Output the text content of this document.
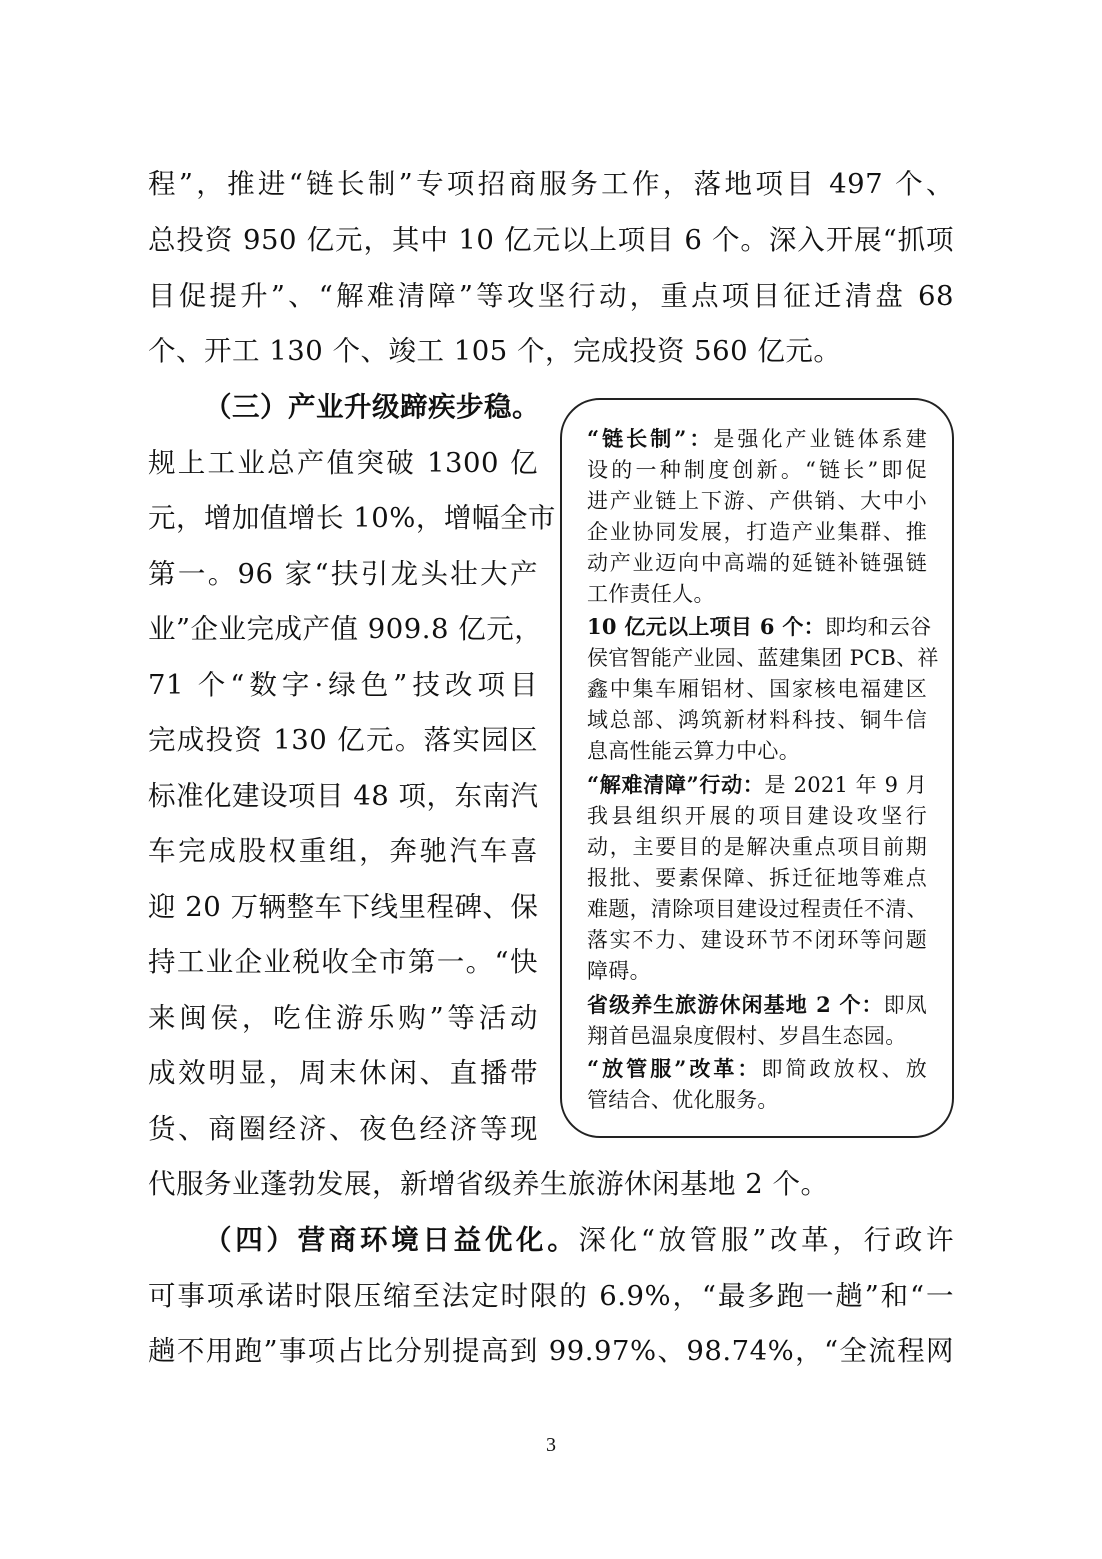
程”，推进“链长制”专项招商服务工作，落地项目 497 个、
总投资 950 亿元，其中 10 亿元以上项目 6 个。深入开展“抓项
目促提升”、“解难清障”等攻坚行动，重点项目征迁清盘 68
个、开工 130 个、竣工 105 个，完成投资 560 亿元。
（三）产业升级蹄疾步稳。
规上工业总产值突破 1300 亿
元，增加值增长 10%，增幅全市
第一。96 家“扶引龙头壮大产
业”企业完成产值 909.8 亿元，
71 个“数字·绿色”技改项目
完成投资 130 亿元。落实园区
标准化建设项目 48 项，东南汽
车完成股权重组，奔驰汽车喜
迎 20 万辆整车下线里程碑、保
持工业企业税收全市第一。“快
来闽侯，吃住游乐购”等活动
成效明显，周末休闲、直播带
货、商圈经济、夜色经济等现
代服务业蓬勃发展，新增省级养生旅游休闲基地 2 个。
“链长制”：是强化产业链体系建
设的一种制度创新。“链长”即促
进产业链上下游、产供销、大中小
企业协同发展，打造产业集群、推
动产业迈向中高端的延链补链强链
工作责任人。
10 亿元以上项目 6 个：即均和云谷
侯官智能产业园、蓝建集团 PCB、祥
鑫中集车厢铝材、国家核电福建区
域总部、鸿筑新材料科技、铜牛信
息高性能云算力中心。
“解难清障”行动：是 2021 年 9 月
我县组织开展的项目建设攻坚行
动，主要目的是解决重点项目前期
报批、要素保障、拆迁征地等难点
难题，清除项目建设过程责任不清、
落实不力、建设环节不闭环等问题
障碍。
省级养生旅游休闲基地 2 个：即凤
翔首邑温泉度假村、岁昌生态园。
“放管服”改革：即简政放权、放
管结合、优化服务。
（四）营商环境日益优化。深化“放管服”改革，行政许
可事项承诺时限压缩至法定时限的 6.9%，“最多跑一趟”和“一
趟不用跑”事项占比分别提高到 99.97%、98.74%，“全流程网
3
